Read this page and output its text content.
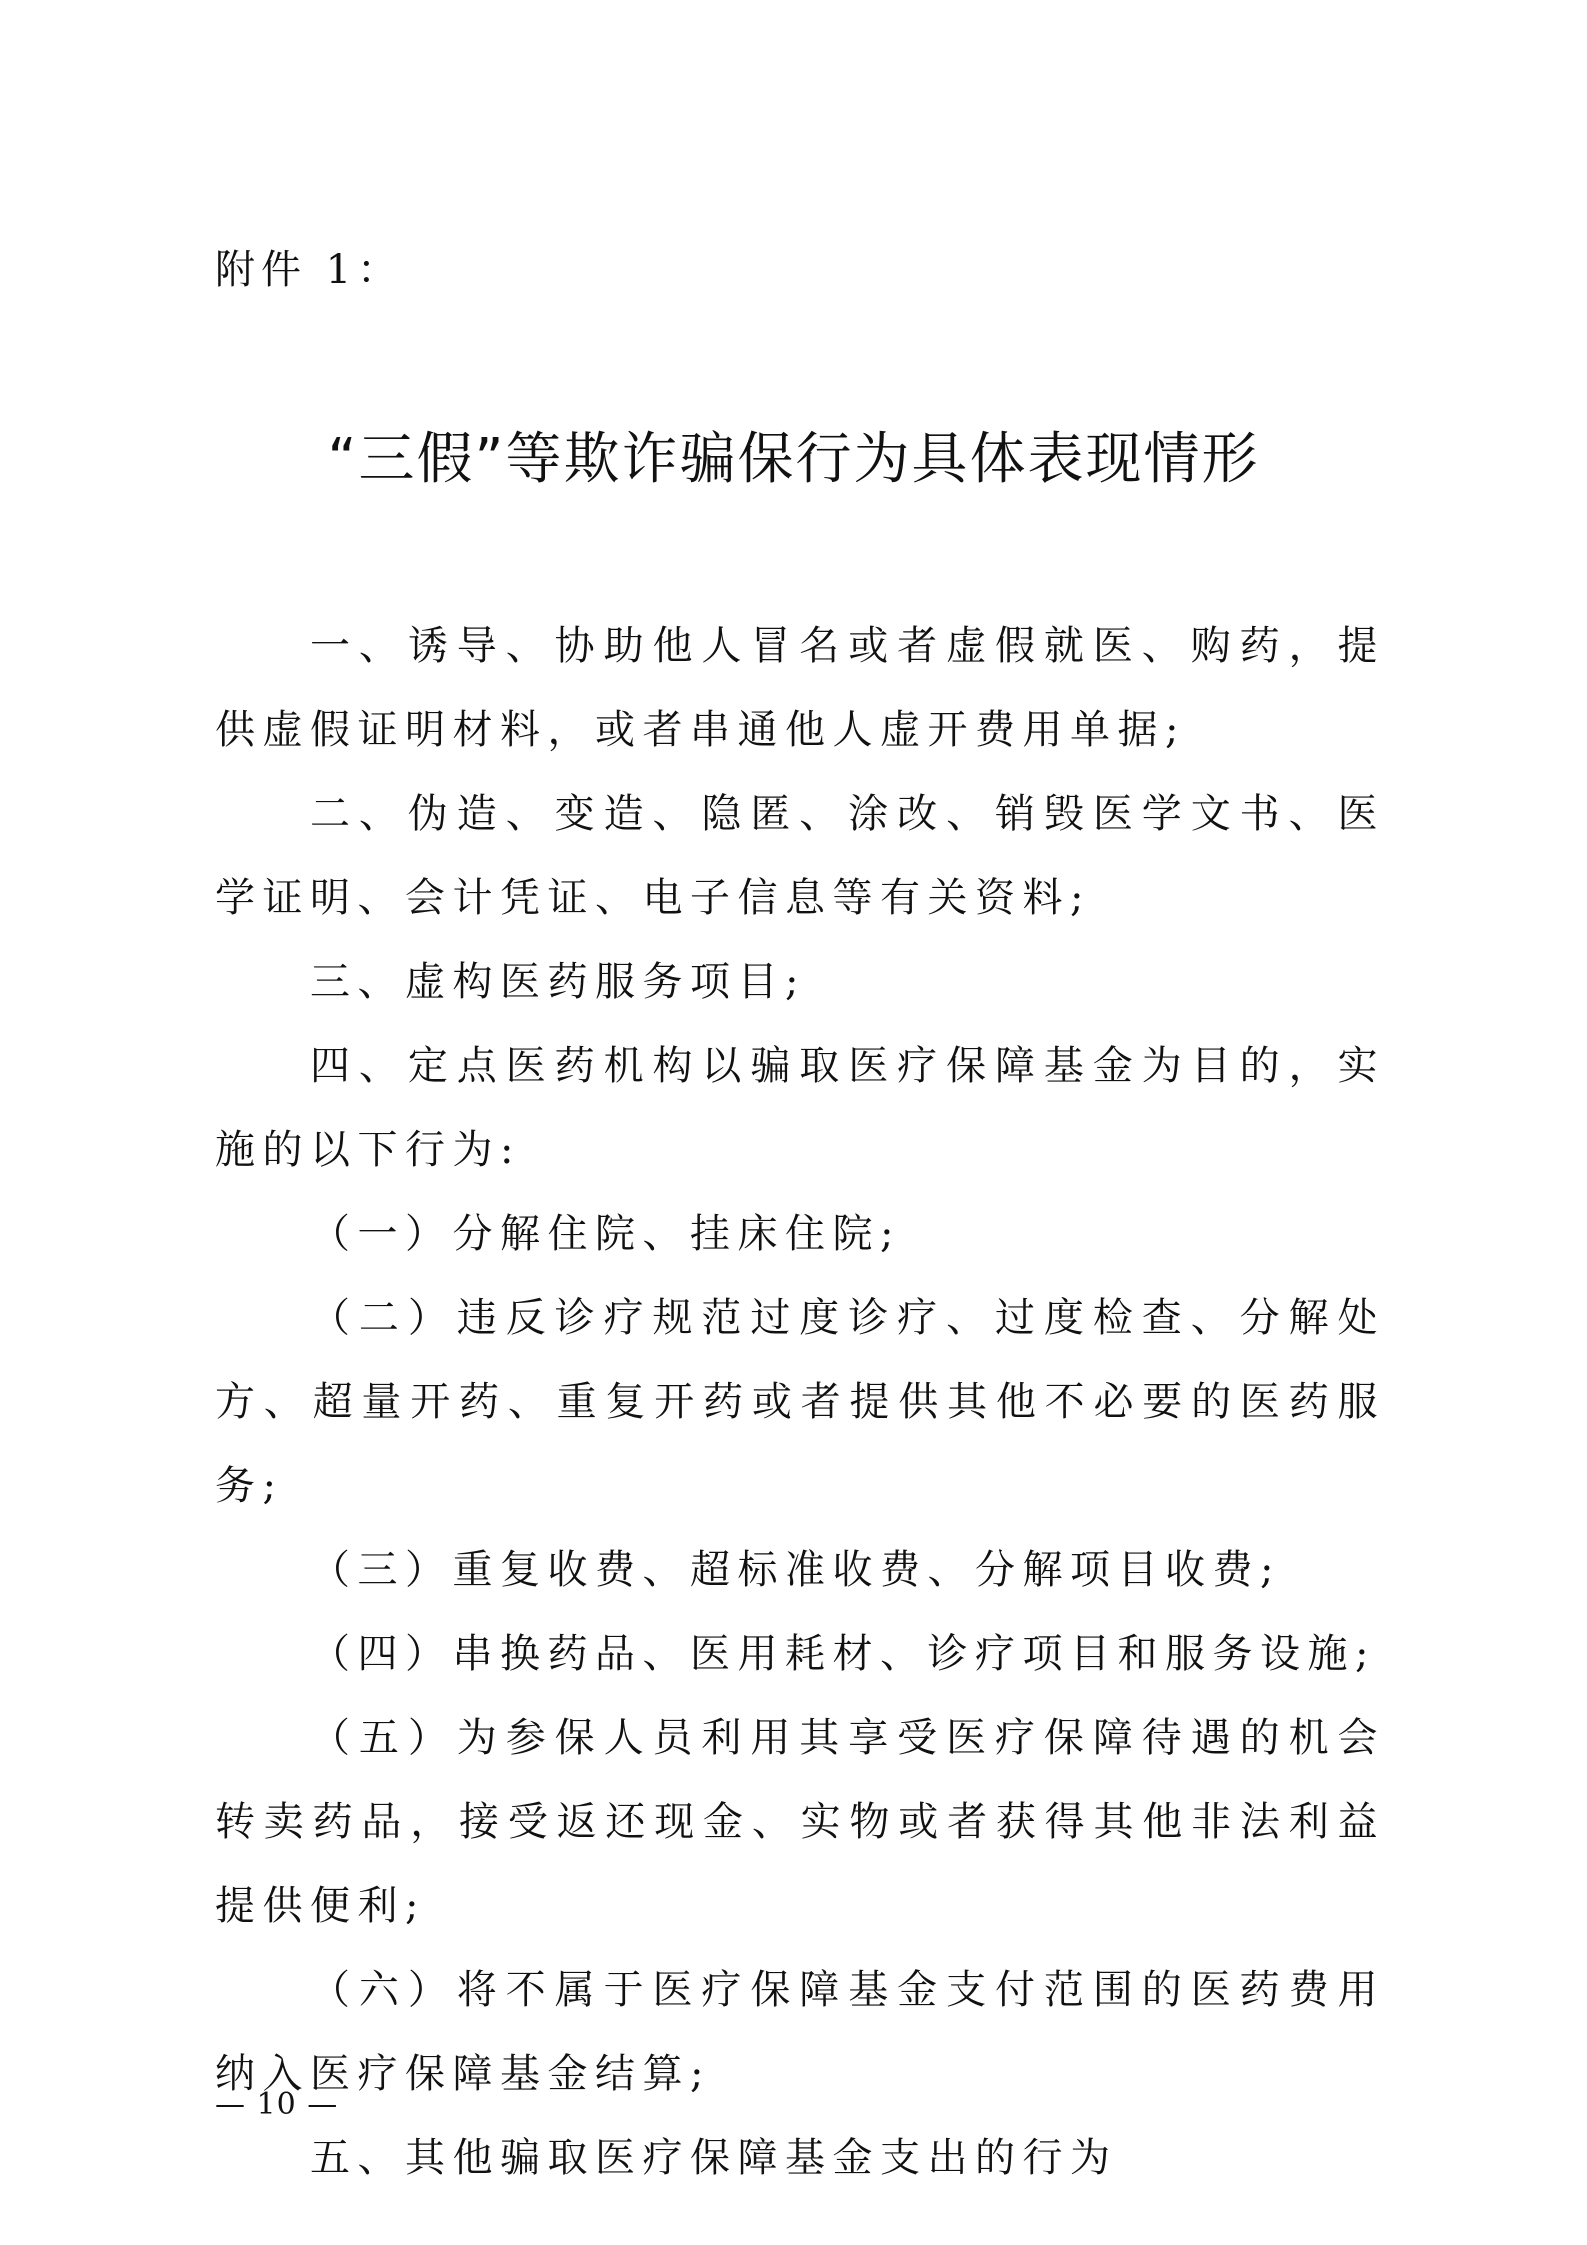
附件 1：
“三假”等欺诈骗保行为具体表现情形

一、诱导、协助他人冒名或者虚假就医、购药，提供虚假证明材料，或者串通他人虚开费用单据;

二、伪造、变造、隐匿、涂改、销毁医学文书、医学证明、会计凭证、电子信息等有关资料;

三、虚构医药服务项目;

四、定点医药机构以骗取医疗保障基金为目的，实施的以下行为:

（一）分解住院、挂床住院;

（二）违反诊疗规范过度诊疗、过度检查、分解处方、超量开药、重复开药或者提供其他不必要的医药服务;

（三）重复收费、超标准收费、分解项目收费;

（四）串换药品、医用耗材、诊疗项目和服务设施;

（五）为参保人员利用其享受医疗保障待遇的机会转卖药品，接受返还现金、实物或者获得其他非法利益提供便利;

（六）将不属于医疗保障基金支付范围的医药费用纳入医疗保障基金结算;

五、其他骗取医疗保障基金支出的行为

— 10 —
